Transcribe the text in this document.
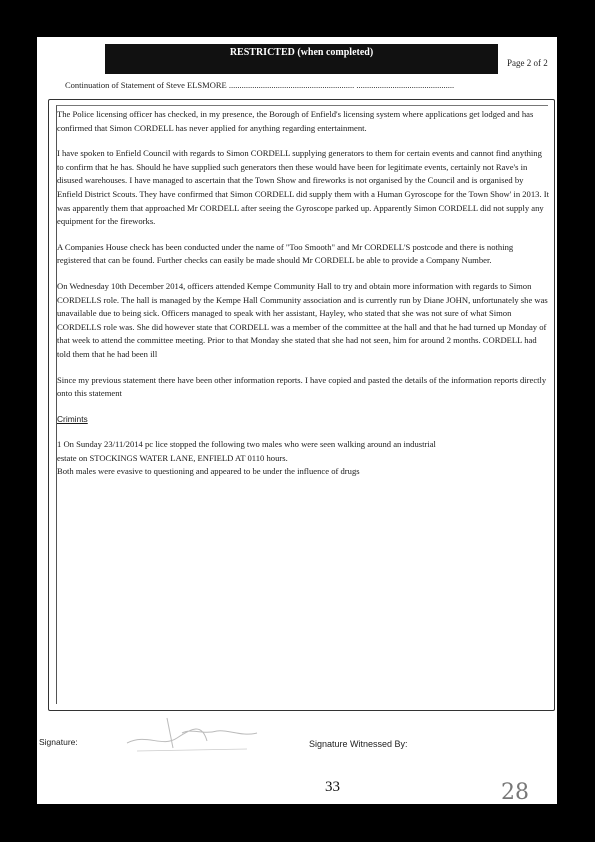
RESTRICTED (when completed)
Page 2 of 2
Continuation of Statement of Steve ELSMORE ........................................................... ..............................................

The Police licensing officer has checked, in my presence, the Borough of Enfield's licensing system where applications get lodged and has confirmed that Simon CORDELL has never applied for anything regarding entertainment.

I have spoken to Enfield Council with regards to Simon CORDELL supplying generators to them for certain events and cannot find anything to confirm that he has. Should he have supplied such generators then these would have been for legitimate events, certainly not Rave's in disused warehouses. I have managed to ascertain that the Town Show and fireworks is not organised by the Council and is organised by Enfield District Scouts. They have confirmed that Simon CORDELL did supply them with a Human Gyroscope for the Town Show' in 2013. It was apparently them that approached Mr CORDELL after seeing the Gyroscope parked up. Apparently Simon CORDELL did not supply any equipment for the fireworks.

A Companies House check has been conducted under the name of "Too Smooth" and Mr CORDELL'S postcode and there is nothing registered that can be found. Further checks can easily be made should Mr CORDELL be able to provide a Company Number.

On Wednesday 10th December 2014, officers attended Kempe Community Hall to try and obtain more information with regards to Simon CORDELLS role. The hall is managed by the Kempe Hall Community association and is currently run by Diane JOHN, unfortunately she was unavailable due to being sick. Officers managed to speak with her assistant, Hayley, who stated that she was not sure of what Simon CORDELLS role was. She did however state that CORDELL was a member of the committee at the hall and that he had turned up Monday of that week to attend the committee meeting. Prior to that Monday she stated that she had not seen, him for around 2 months. CORDELL had told them that he had been ill

Since my previous statement there have been other information reports. I have copied and pasted the details of the information reports directly onto this statement

Crimints

1 On Sunday 23/11/2014 pc lice stopped the following two males who were seen walking around an industrial
estate on STOCKINGS WATER LANE, ENFIELD AT 0110 hours.
Both males were evasive to questioning and appeared to be under the influence of drugs
Signature:	Signature Witnessed By:
33	28
